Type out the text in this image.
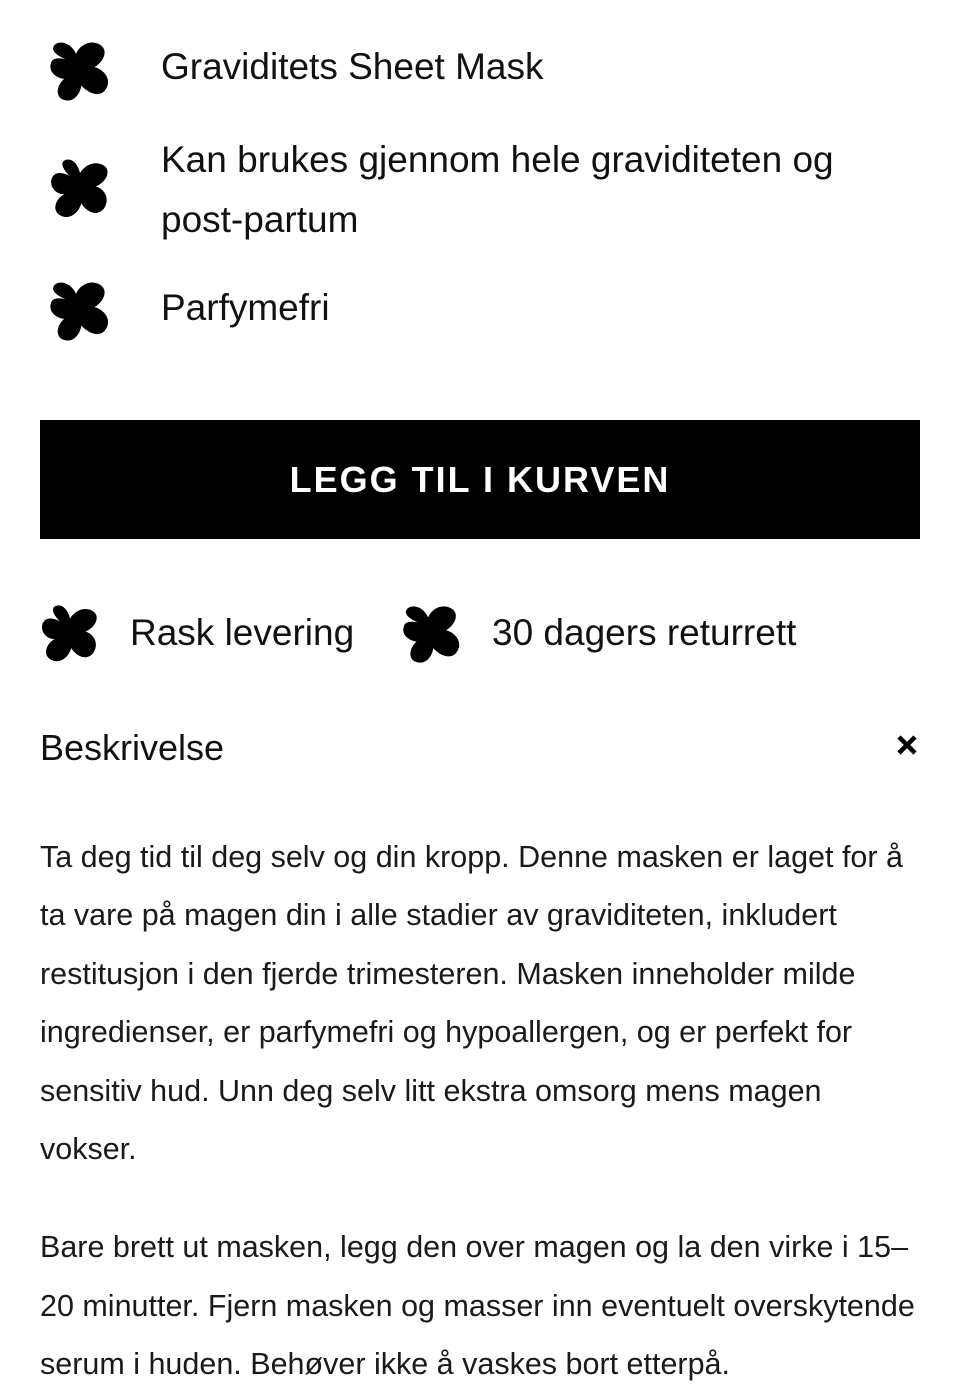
Graviditets Sheet Mask
Kan brukes gjennom hele graviditeten og post-partum
Parfymefri
LEGG TIL I KURVEN
Rask levering	30 dagers returrett
Beskrivelse

Ta deg tid til deg selv og din kropp. Denne masken er laget for å ta vare på magen din i alle stadier av graviditeten, inkludert restitusjon i den fjerde trimesteren. Masken inneholder milde ingredienser, er parfymefri og hypoallergen, og er perfekt for sensitiv hud. Unn deg selv litt ekstra omsorg mens magen vokser.

Bare brett ut masken, legg den over magen og la den virke i 15–20 minutter. Fjern masken og masser inn eventuelt overskytende serum i huden. Behøver ikke å vaskes bort etterpå.
